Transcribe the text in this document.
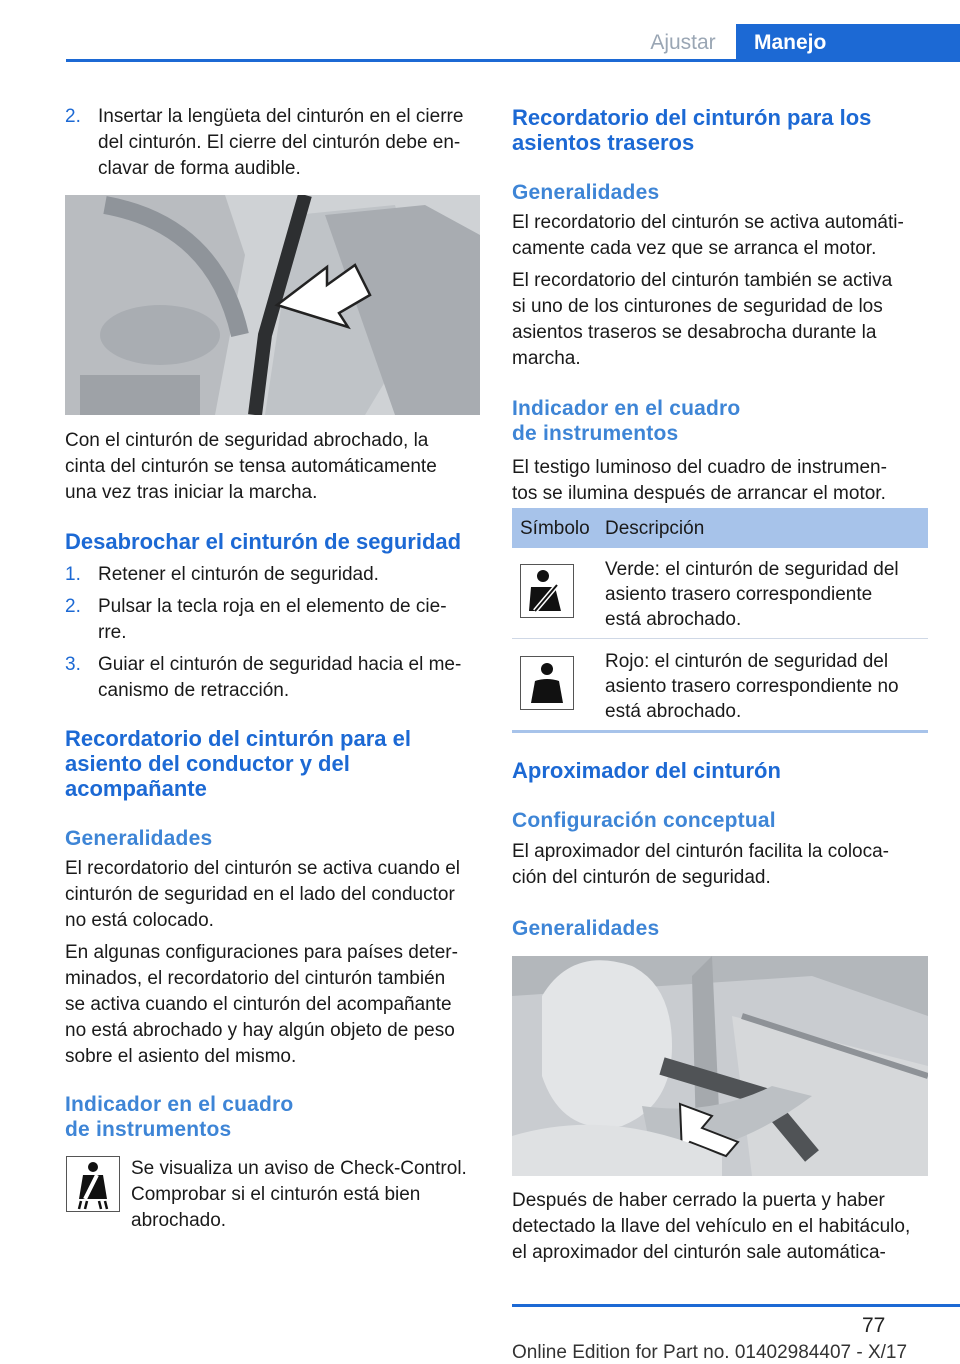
Ajustar	Manejo
2. Insertar la lengüeta del cinturón en el cierre
del cinturón. El cierre del cinturón debe en-
clavar de forma audible.

Con el cinturón de seguridad abrochado, la
cinta del cinturón se tensa automáticamente
una vez tras iniciar la marcha.

Desabrochar el cinturón de seguridad
1. Retener el cinturón de seguridad.
2. Pulsar la tecla roja en el elemento de cie-
rre.
3. Guiar el cinturón de seguridad hacia el me-
canismo de retracción.
Recordatorio del cinturón para el
asiento del conductor y del
acompañante
Generalidades

El recordatorio del cinturón se activa cuando el
cinturón de seguridad en el lado del conductor
no está colocado.

En algunas configuraciones para países deter-
minados, el recordatorio del cinturón también
se activa cuando el cinturón del acompañante
no está abrochado y hay algún objeto de peso
sobre el asiento del mismo.

Indicador en el cuadro
de instrumentos

Se visualiza un aviso de Check-Control.
Comprobar si el cinturón está bien
abrochado.

Recordatorio del cinturón para los
asientos traseros
Generalidades

El recordatorio del cinturón se activa automáti-
camente cada vez que se arranca el motor.

El recordatorio del cinturón también se activa
si uno de los cinturones de seguridad de los
asientos traseros se desabrocha durante la
marcha.

Indicador en el cuadro
de instrumentos

El testigo luminoso del cuadro de instrumen-
tos se ilumina después de arrancar el motor.

Símbolo Descripción
Verde: el cinturón de seguridad del
asiento trasero correspondiente
está abrochado.
Rojo: el cinturón de seguridad del
asiento trasero correspondiente no
está abrochado.
Aproximador del cinturón
Configuración conceptual

El aproximador del cinturón facilita la coloca-
ción del cinturón de seguridad.

Generalidades

Después de haber cerrado la puerta y haber
detectado la llave del vehículo en el habitáculo,
el aproximador del cinturón sale automática-

77
Online Edition for Part no. 01402984407 - X/17
